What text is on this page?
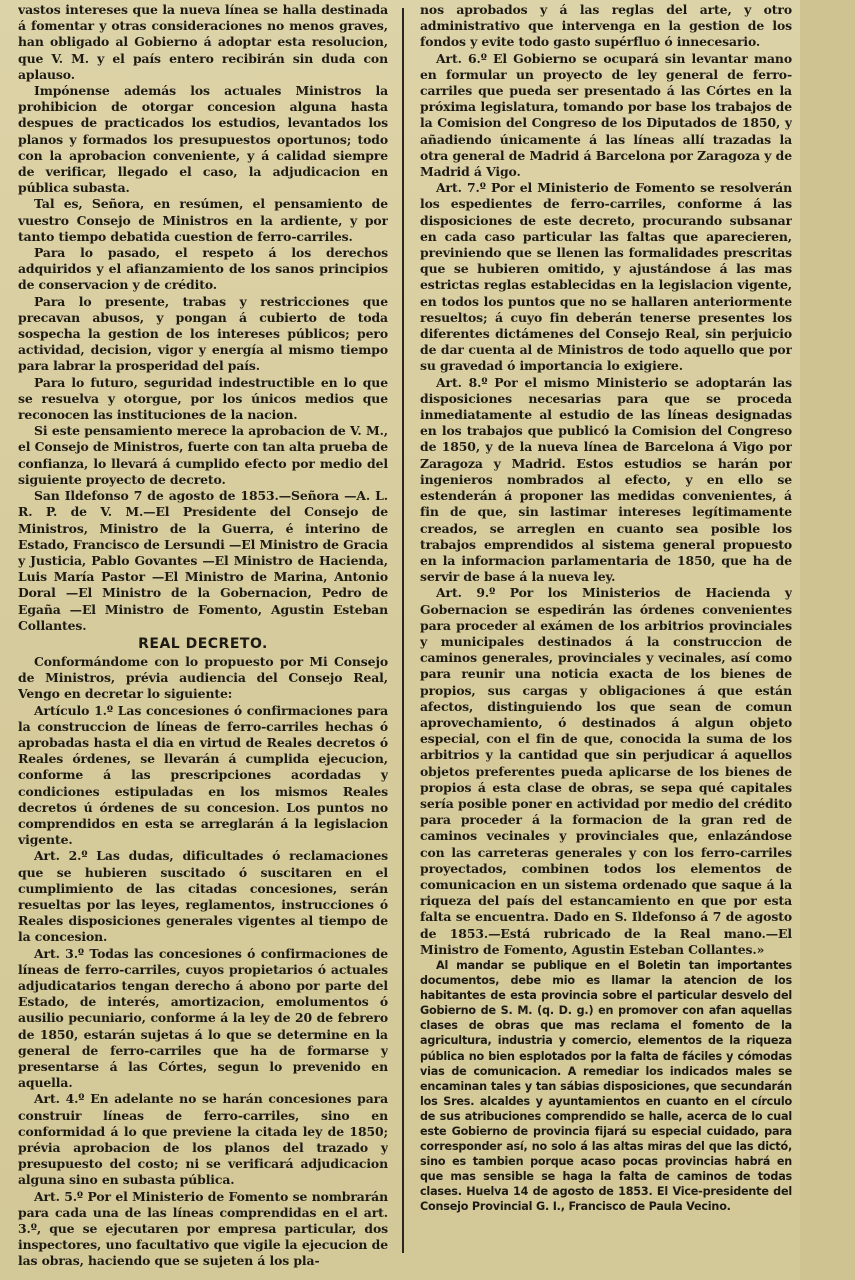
vastos intereses que la nueva línea se halla destinada á fomentar y otras consideraciones no menos graves, han obligado al Gobierno á adoptar esta resolucion, que V. M. y el país entero recibirán sin duda con aplauso.

Impónense además los actuales Ministros la prohibicion de otorgar concesion alguna hasta despues de practicados los estudios, levantados los planos y formados los presupuestos oportunos; todo con la aprobacion conveniente, y á calidad siempre de verificar, llegado el caso, la adjudicacion en pública subasta.

Tal es, Señora, en resúmen, el pensamiento de vuestro Consejo de Ministros en la ardiente, y por tanto tiempo debatida cuestion de ferro-carriles.

Para lo pasado, el respeto á los derechos adquiridos y el afianzamiento de los sanos principios de conservacion y de crédito.

Para lo presente, trabas y restricciones que precavan abusos, y pongan á cubierto de toda sospecha la gestion de los intereses públicos; pero actividad, decision, vigor y energía al mismo tiempo para labrar la prosperidad del país.

Para lo futuro, seguridad indestructible en lo que se resuelva y otorgue, por los únicos medios que reconocen las instituciones de la nacion.

Si este pensamiento merece la aprobacion de V. M., el Consejo de Ministros, fuerte con tan alta prueba de confianza, lo llevará á cumplido efecto por medio del siguiente proyecto de decreto.

San Ildefonso 7 de agosto de 1853.—Señora —A. L. R. P. de V. M.—El Presidente del Consejo de Ministros, Ministro de la Guerra, é interino de Estado, Francisco de Lersundi —El Ministro de Gracia y Justicia, Pablo Govantes —El Ministro de Hacienda, Luis María Pastor —El Ministro de Marina, Antonio Doral —El Ministro de la Gobernacion, Pedro de Egaña —El Ministro de Fomento, Agustin Esteban Collantes.

REAL DECRETO.

Conformándome con lo propuesto por Mi Consejo de Ministros, prévia audiencia del Consejo Real, Vengo en decretar lo siguiente:

Artículo 1.º Las concesiones ó confirmaciones para la construccion de líneas de ferro-carriles hechas ó aprobadas hasta el dia en virtud de Reales decretos ó Reales órdenes, se llevarán á cumplida ejecucion, conforme á las prescripciones acordadas y condiciones estipuladas en los mismos Reales decretos ú órdenes de su concesion. Los puntos no comprendidos en esta se arreglarán á la legislacion vigente.

Art. 2.º Las dudas, dificultades ó reclamaciones que se hubieren suscitado ó suscitaren en el cumplimiento de las citadas concesiones, serán resueltas por las leyes, reglamentos, instrucciones ó Reales disposiciones generales vigentes al tiempo de la concesion.

Art. 3.º Todas las concesiones ó confirmaciones de líneas de ferro-carriles, cuyos propietarios ó actuales adjudicatarios tengan derecho á abono por parte del Estado, de interés, amortizacion, emolumentos ó ausilio pecuniario, conforme á la ley de 20 de febrero de 1850, estarán sujetas á lo que se determine en la general de ferro-carriles que ha de formarse y presentarse á las Córtes, segun lo prevenido en aquella.

Art. 4.º En adelante no se harán concesiones para construir líneas de ferro-carriles, sino en conformidad á lo que previene la citada ley de 1850; prévia aprobacion de los planos del trazado y presupuesto del costo; ni se verificará adjudicacion alguna sino en subasta pública.

Art. 5.º Por el Ministerio de Fomento se nombrarán para cada una de las líneas comprendidas en el art. 3.º, que se ejecutaren por empresa particular, dos inspectores, uno facultativo que vigile la ejecucion de las obras, haciendo que se sujeten á los pla-

nos aprobados y á las reglas del arte, y otro administrativo que intervenga en la gestion de los fondos y evite todo gasto supérfluo ó innecesario.

Art. 6.º El Gobierno se ocupará sin levantar mano en formular un proyecto de ley general de ferro-carriles que pueda ser presentado á las Córtes en la próxima legislatura, tomando por base los trabajos de la Comision del Congreso de los Diputados de 1850, y añadiendo únicamente á las líneas allí trazadas la otra general de Madrid á Barcelona por Zaragoza y de Madrid á Vigo.

Art. 7.º Por el Ministerio de Fomento se resolverán los espedientes de ferro-carriles, conforme á las disposiciones de este decreto, procurando subsanar en cada caso particular las faltas que aparecieren, previniendo que se llenen las formalidades prescritas que se hubieren omitido, y ajustándose á las mas estrictas reglas establecidas en la legislacion vigente, en todos los puntos que no se hallaren anteriormente resueltos; á cuyo fin deberán tenerse presentes los diferentes dictámenes del Consejo Real, sin perjuicio de dar cuenta al de Ministros de todo aquello que por su gravedad ó importancia lo exigiere.

Art. 8.º Por el mismo Ministerio se adoptarán las disposiciones necesarias para que se proceda inmediatamente al estudio de las líneas designadas en los trabajos que publicó la Comision del Congreso de 1850, y de la nueva línea de Barcelona á Vigo por Zaragoza y Madrid. Estos estudios se harán por ingenieros nombrados al efecto, y en ello se estenderán á proponer las medidas convenientes, á fin de que, sin lastimar intereses legítimamente creados, se arreglen en cuanto sea posible los trabajos emprendidos al sistema general propuesto en la informacion parlamentaria de 1850, que ha de servir de base á la nueva ley.

Art. 9.º Por los Ministerios de Hacienda y Gobernacion se espedirán las órdenes convenientes para proceder al exámen de los arbitrios provinciales y municipales destinados á la construccion de caminos generales, provinciales y vecinales, así como para reunir una noticia exacta de los bienes de propios, sus cargas y obligaciones á que están afectos, distinguiendo los que sean de comun aprovechamiento, ó destinados á algun objeto especial, con el fin de que, conocida la suma de los arbitrios y la cantidad que sin perjudicar á aquellos objetos preferentes pueda aplicarse de los bienes de propios á esta clase de obras, se sepa qué capitales sería posible poner en actividad por medio del crédito para proceder á la formacion de la gran red de caminos vecinales y provinciales que, enlazándose con las carreteras generales y con los ferro-carriles proyectados, combinen todos los elementos de comunicacion en un sistema ordenado que saque á la riqueza del país del estancamiento en que por esta falta se encuentra. Dado en S. Ildefonso á 7 de agosto de 1853.—Está rubricado de la Real mano.—El Ministro de Fomento, Agustin Esteban Collantes.»

Al mandar se publique en el Boletin tan importantes documentos, debe mio es llamar la atencion de los habitantes de esta provincia sobre el particular desvelo del Gobierno de S. M. (q. D. g.) en promover con afan aquellas clases de obras que mas reclama el fomento de la agricultura, industria y comercio, elementos de la riqueza pública no bien esplotados por la falta de fáciles y cómodas vias de comunicacion. A remediar los indicados males se encaminan tales y tan sábias disposiciones, que secundarán los Sres. alcaldes y ayuntamientos en cuanto en el círculo de sus atribuciones comprendido se halle, acerca de lo cual este Gobierno de provincia fijará su especial cuidado, para corresponder así, no solo á las altas miras del que las dictó, sino es tambien porque acaso pocas provincias habrá en que mas sensible se haga la falta de caminos de todas clases. Huelva 14 de agosto de 1853. El Vice-presidente del Consejo Provincial G. I., Francisco de Paula Vecino.
